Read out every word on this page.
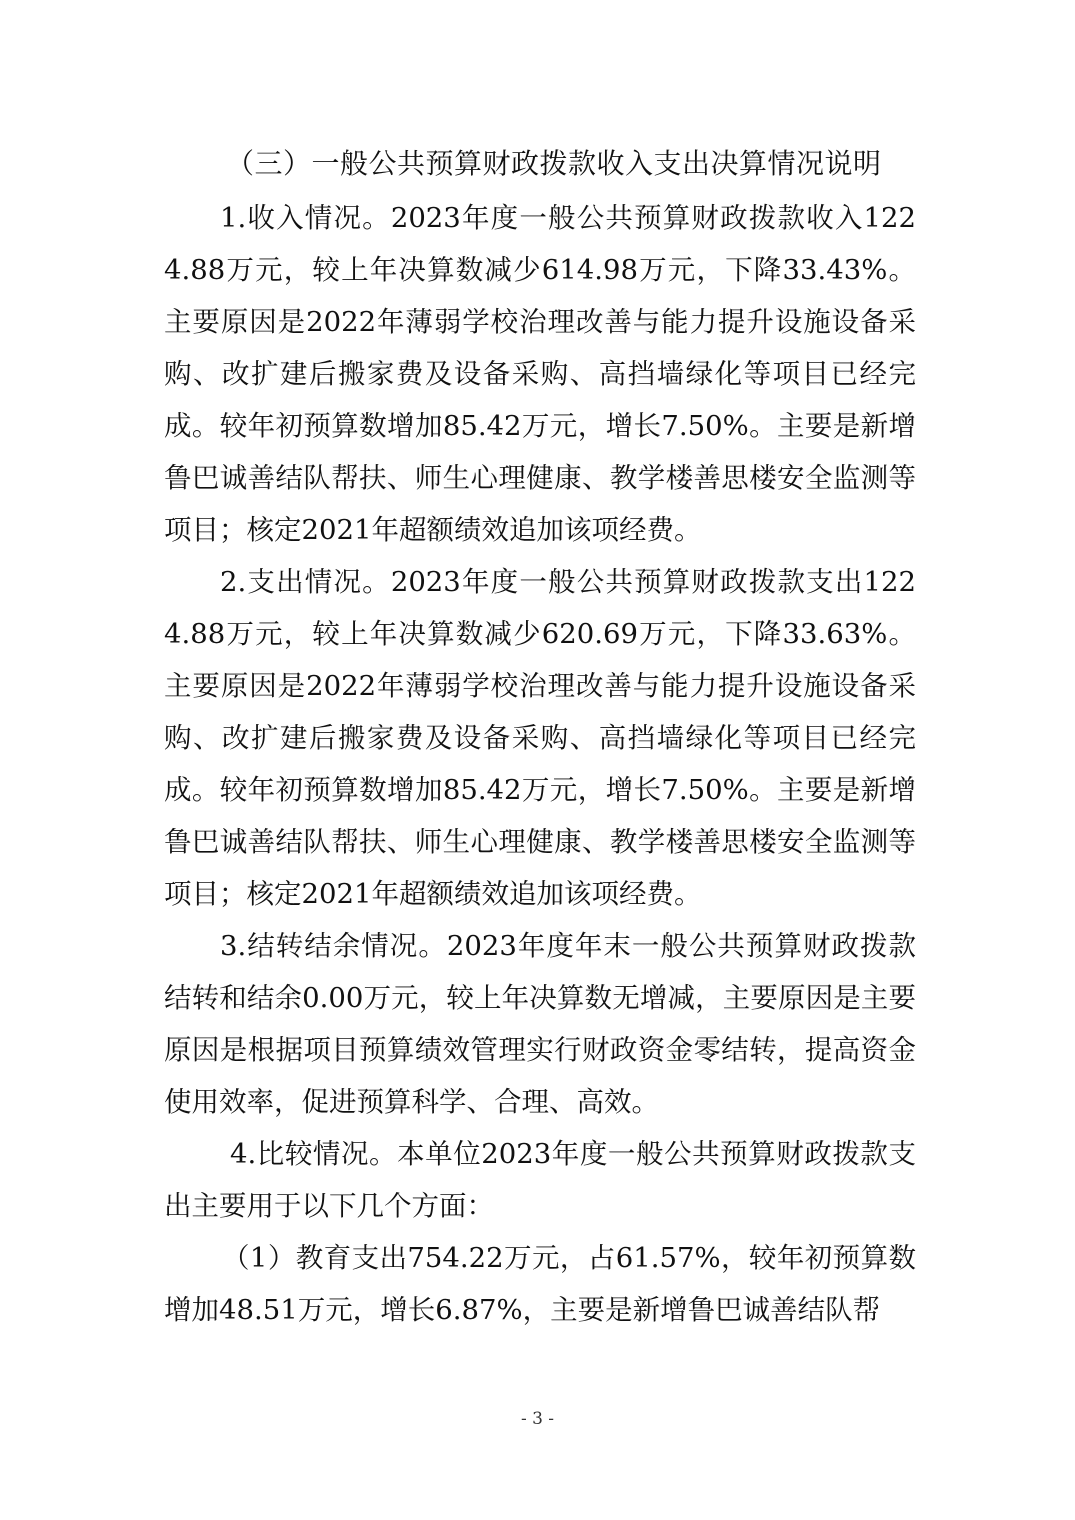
（三）一般公共预算财政拨款收入支出决算情况说明

1.收入情况。2023年度一般公共预算财政拨款收入1224.88万元，较上年决算数减少614.98万元，下降33.43%。主要原因是2022年薄弱学校治理改善与能力提升设施设备采购、改扩建后搬家费及设备采购、高挡墙绿化等项目已经完成。较年初预算数增加85.42万元，增长7.50%。主要是新增鲁巴诚善结队帮扶、师生心理健康、教学楼善思楼安全监测等项目；核定2021年超额绩效追加该项经费。

2.支出情况。2023年度一般公共预算财政拨款支出1224.88万元，较上年决算数减少620.69万元，下降33.63%。主要原因是2022年薄弱学校治理改善与能力提升设施设备采购、改扩建后搬家费及设备采购、高挡墙绿化等项目已经完成。较年初预算数增加85.42万元，增长7.50%。主要是新增鲁巴诚善结队帮扶、师生心理健康、教学楼善思楼安全监测等项目；核定2021年超额绩效追加该项经费。

3.结转结余情况。2023年度年末一般公共预算财政拨款结转和结余0.00万元，较上年决算数无增减，主要原因是主要原因是根据项目预算绩效管理实行财政资金零结转，提高资金使用效率，促进预算科学、合理、高效。

4.比较情况。本单位2023年度一般公共预算财政拨款支出主要用于以下几个方面：

（1）教育支出754.22万元，占61.57%，较年初预算数增加48.51万元，增长6.87%，主要是新增鲁巴诚善结队帮

- 3 -
